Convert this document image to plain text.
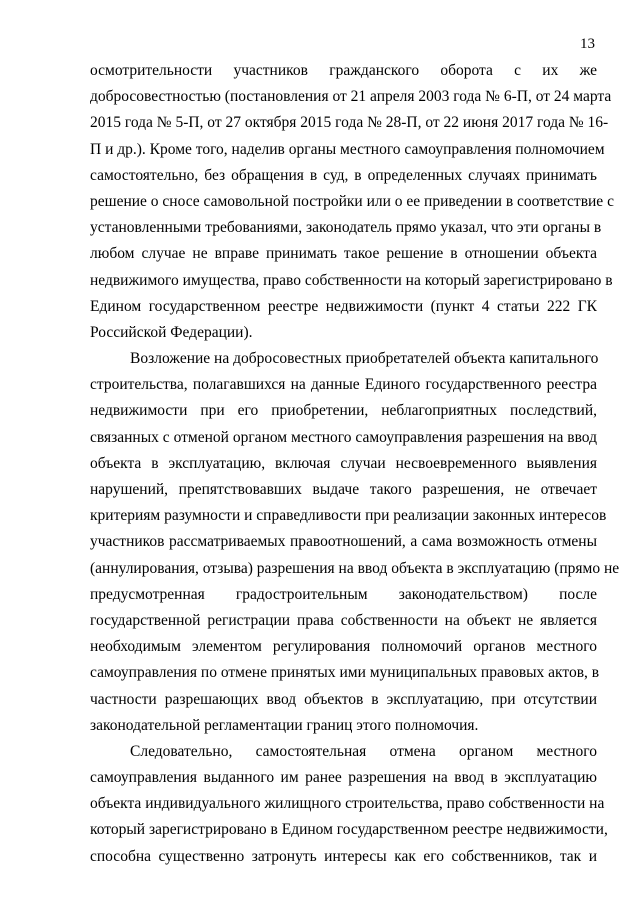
13
осмотрительности участников гражданского оборота с их же
добросовестностью (постановления от 21 апреля 2003 года № 6-П, от 24 марта
2015 года № 5-П, от 27 октября 2015 года № 28-П, от 22 июня 2017 года № 16-
П и др.). Кроме того, наделив органы местного самоуправления полномочием
самостоятельно, без обращения в суд, в определенных случаях принимать
решение о сносе самовольной постройки или о ее приведении в соответствие с
установленными требованиями, законодатель прямо указал, что эти органы в
любом случае не вправе принимать такое решение в отношении объекта
недвижимого имущества, право собственности на который зарегистрировано в
Едином государственном реестре недвижимости (пункт 4 статьи 222 ГК
Российской Федерации).
Возложение на добросовестных приобретателей объекта капитального
строительства, полагавшихся на данные Единого государственного реестра
недвижимости при его приобретении, неблагоприятных последствий,
связанных с отменой органом местного самоуправления разрешения на ввод
объекта в эксплуатацию, включая случаи несвоевременного выявления
нарушений, препятствовавших выдаче такого разрешения, не отвечает
критериям разумности и справедливости при реализации законных интересов
участников рассматриваемых правоотношений, а сама возможность отмены
(аннулирования, отзыва) разрешения на ввод объекта в эксплуатацию (прямо не
предусмотренная градостроительным законодательством) после
государственной регистрации права собственности на объект не является
необходимым элементом регулирования полномочий органов местного
самоуправления по отмене принятых ими муниципальных правовых актов, в
частности разрешающих ввод объектов в эксплуатацию, при отсутствии
законодательной регламентации границ этого полномочия.
Следовательно, самостоятельная отмена органом местного
самоуправления выданного им ранее разрешения на ввод в эксплуатацию
объекта индивидуального жилищного строительства, право собственности на
который зарегистрировано в Едином государственном реестре недвижимости,
способна существенно затронуть интересы как его собственников, так и
